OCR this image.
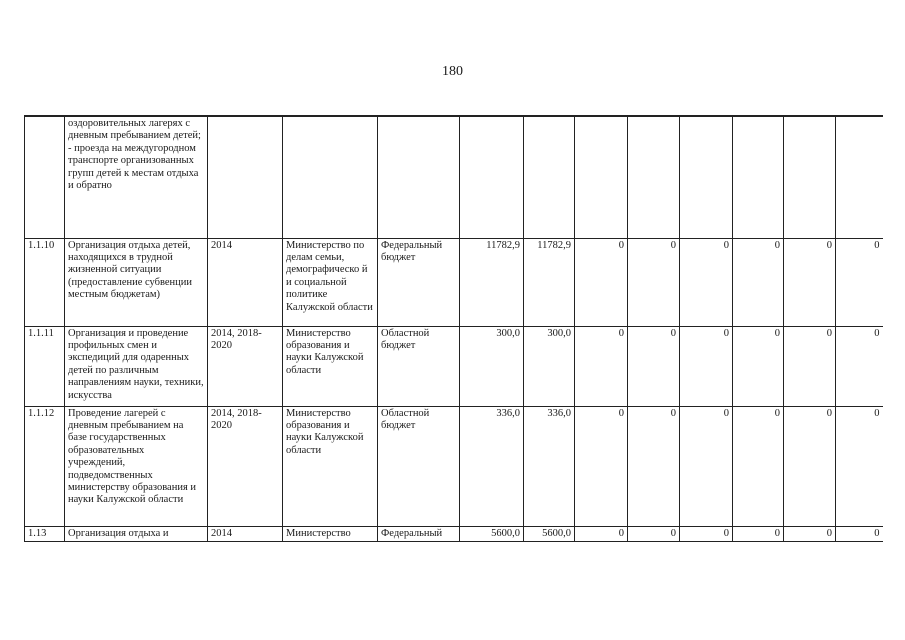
180
	оздоровительных лагерях с дневным пребыванием детей;
- проезда на междугородном транспорте организованных групп детей к местам отдыха и обратно											
1.1.10	Организация отдыха детей, находящихся в трудной жизненной ситуации (предоставление субвенции местным бюджетам)	2014	Министерство по делам семьи, демографическо й и социальной политике Калужской области	Федеральный бюджет	11782,9	11782,9	0	0	0	0	0	0
1.1.11	Организация и проведение профильных смен и экспедиций для одаренных детей по различным направлениям науки, техники, искусства	2014, 2018-2020	Министерство образования и науки Калужской области	Областной бюджет	300,0	300,0	0	0	0	0	0	0
1.1.12	Проведение лагерей с дневным пребыванием на базе государственных образовательных учреждений, подведомственных министерству образования и науки Калужской области	2014, 2018-2020	Министерство образования и науки Калужской области	Областной бюджет	336,0	336,0	0	0	0	0	0	0
1.13	Организация отдыха и	2014	Министерство	Федеральный	5600,0	5600,0	0	0	0	0	0	0
